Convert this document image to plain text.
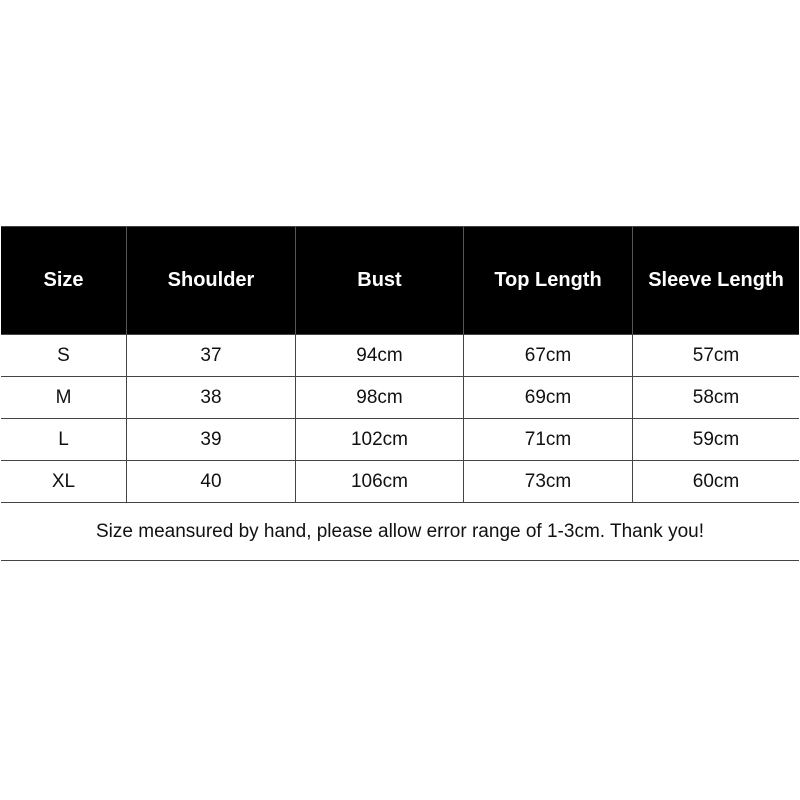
Size	Shoulder	Bust	Top Length	Sleeve Length
S	37	94cm	67cm	57cm
M	38	98cm	69cm	58cm
L	39	102cm	71cm	59cm
XL	40	106cm	73cm	60cm
Size meansured by hand, please allow error range of 1-3cm. Thank you!
